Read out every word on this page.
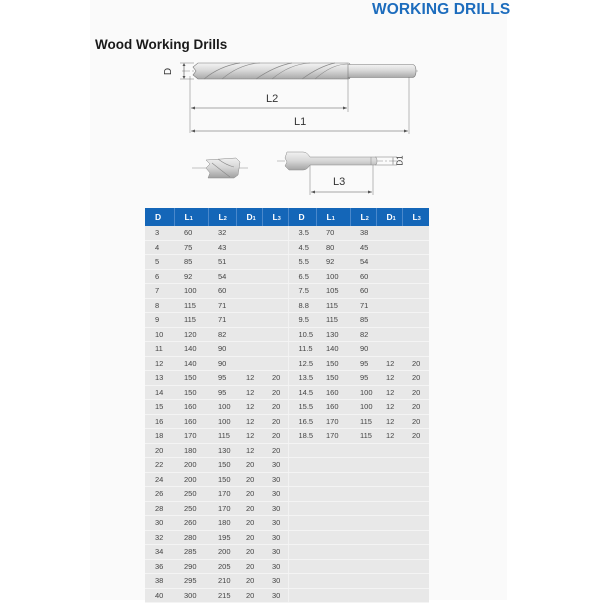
WORKING DRILLS
Wood Working Drills
D
L2
L1
D1
L3
D	L1	L2	D1	L3	D	L1	L2	D1	L3
3	60	32			3.5	70	38		
4	75	43			4.5	80	45		
5	85	51			5.5	92	54		
6	92	54			6.5	100	60		
7	100	60			7.5	105	60		
8	115	71			8.8	115	71		
9	115	71			9.5	115	85		
10	120	82			10.5	130	82		
11	140	90			11.5	140	90		
12	140	90			12.5	150	95	12	20
13	150	95	12	20	13.5	150	95	12	20
14	150	95	12	20	14.5	160	100	12	20
15	160	100	12	20	15.5	160	100	12	20
16	160	100	12	20	16.5	170	115	12	20
18	170	115	12	20	18.5	170	115	12	20
20	180	130	12	20					
22	200	150	20	30					
24	200	150	20	30					
26	250	170	20	30					
28	250	170	20	30					
30	260	180	20	30					
32	280	195	20	30					
34	285	200	20	30					
36	290	205	20	30					
38	295	210	20	30					
40	300	215	20	30					
